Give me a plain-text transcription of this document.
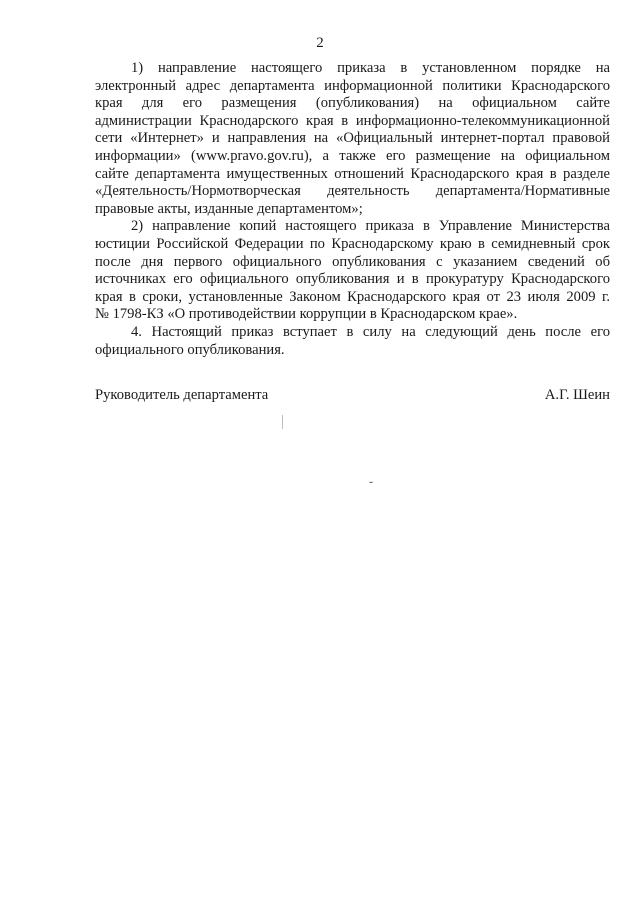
2
1) направление настоящего приказа в установленном порядке на
электронный адрес департамента информационной политики Краснодарского
края для его размещения (опубликования) на официальном сайте
администрации Краснодарского края в информационно-телекоммуникационной
сети «Интернет» и направления на «Официальный интернет-портал правовой
информации» (www.pravo.gov.ru), а также его размещение на официальном
сайте департамента имущественных отношений Краснодарского края в разделе
«Деятельность/Нормотворческая деятельность департамента/Нормативные
правовые акты, изданные департаментом»;
2) направление копий настоящего приказа в Управление Министерства
юстиции Российской Федерации по Краснодарскому краю в семидневный срок
после дня первого официального опубликования с указанием сведений об
источниках его официального опубликования и в прокуратуру Краснодарского
края в сроки, установленные Законом Краснодарского края от 23 июля 2009 г.
№ 1798-КЗ «О противодействии коррупции в Краснодарском крае».
4. Настоящий приказ вступает в силу на следующий день после его
официального опубликования.
Руководитель департамента	А.Г. Шеин
